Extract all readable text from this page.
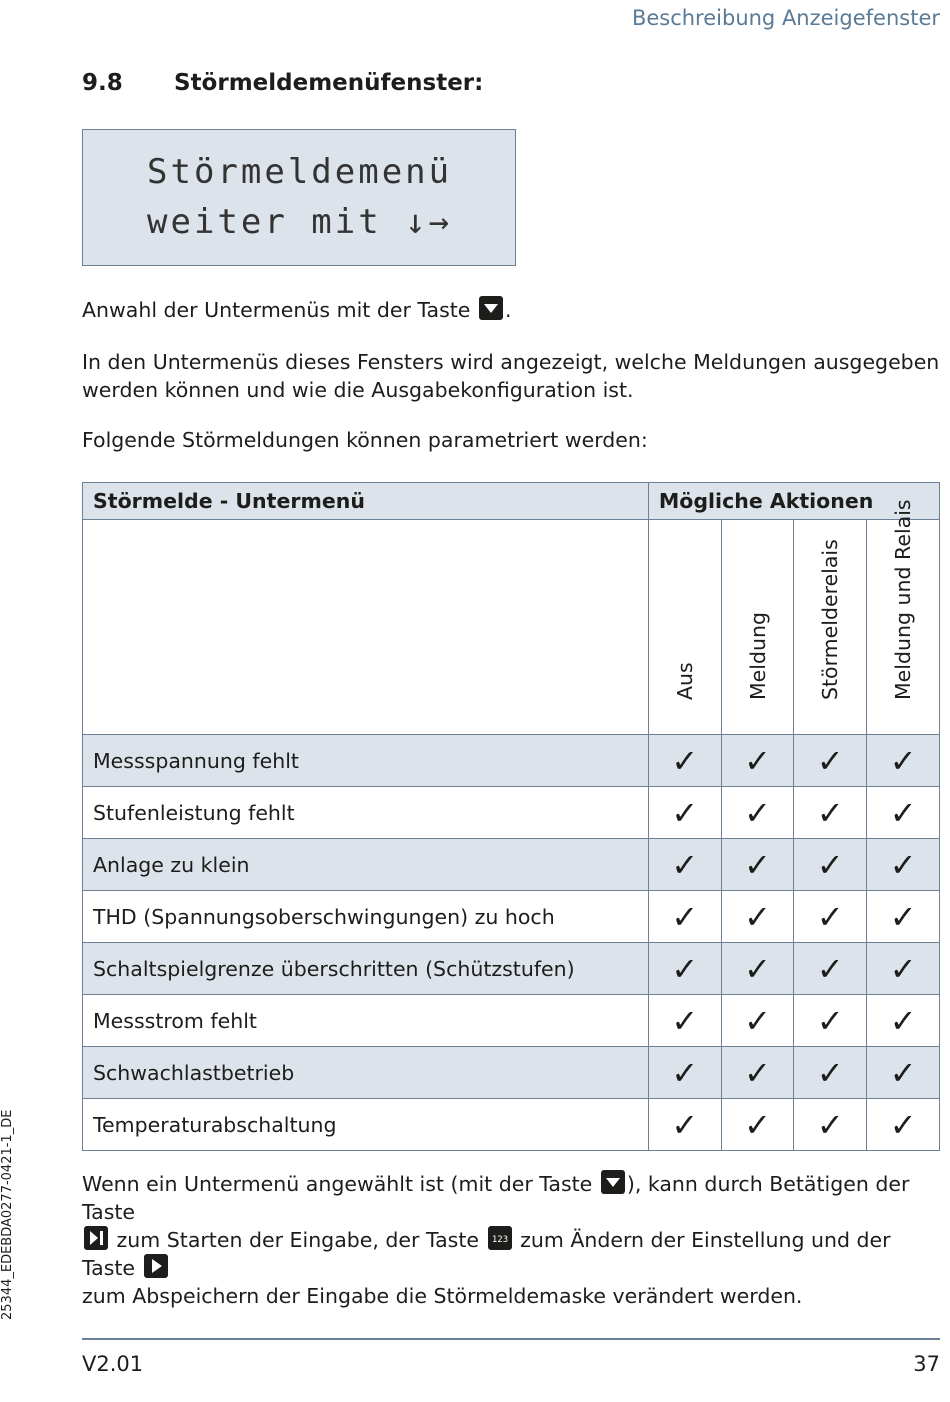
Beschreibung Anzeigefenster
9.8 Störmeldemenüfenster:
Störmeldemenü
weiter mit ↓→
Anwahl der Untermenüs mit der Taste .
In den Untermenüs dieses Fensters wird angezeigt, welche Meldungen ausgegeben
werden können und wie die Ausgabekonfiguration ist.
Folgende Störmeldungen können parametriert werden:
Störmelde - Untermenü	Mögliche Aktionen			

	Aus	Meldung	Störmelderelais	Meldung und Relais

Messspannung fehlt	✓	✓	✓	✓
Stufenleistung fehlt	✓	✓	✓	✓
Anlage zu klein	✓	✓	✓	✓
THD (Spannungsoberschwingungen) zu hoch	✓	✓	✓	✓
Schaltspielgrenze überschritten (Schützstufen)	✓	✓	✓	✓
Messstrom fehlt	✓	✓	✓	✓
Schwachlastbetrieb	✓	✓	✓	✓
Temperaturabschaltung	✓	✓	✓	✓
Wenn ein Untermenü angewählt ist (mit der Taste ), kann durch Betätigen der Taste
zum Starten der Eingabe, der Taste 123 zum Ändern der Einstellung und der Taste
zum Abspeichern der Eingabe die Störmeldemaske verändert werden.
V2.01	37
25344_EDEBDA0277-0421-1_DE
